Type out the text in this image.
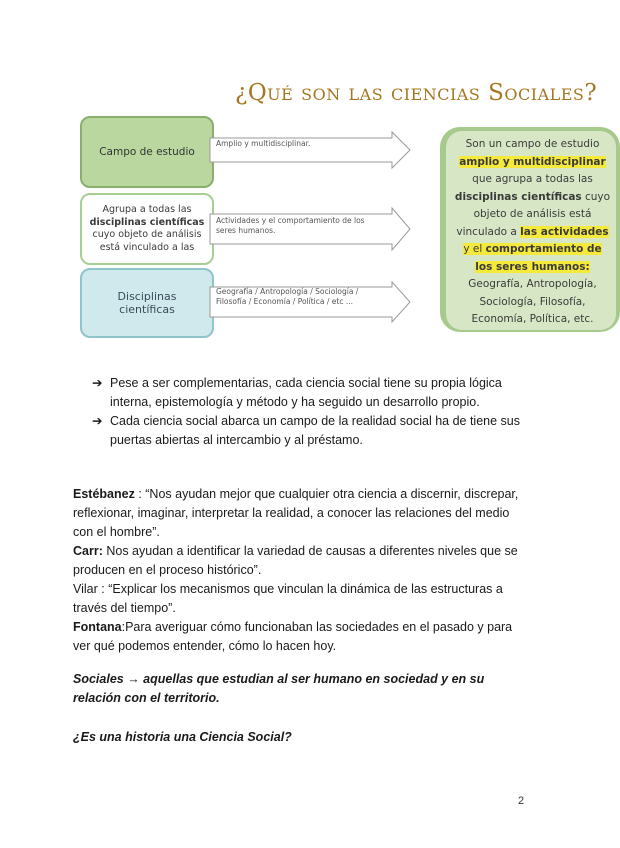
¿Qué son las ciencias Sociales?
Campo de estudio
Amplio y multidisciplinar.
Agrupa a todas las
disciplinas científicas
cuyo objeto de análisis
está vinculado a las
Actividades y el comportamiento de los seres humanos.
Disciplinas
científicas
Geografía / Antropología / Sociología / Filosofía / Economía / Política / etc ...
Son un campo de estudio
amplio y multidisciplinar
que agrupa a todas las
disciplinas científicas cuyo
objeto de análisis está
vinculado a las actividades
y el comportamiento de
los seres humanos:
Geografía, Antropología,
Sociología, Filosofía,
Economía, Política, etc.
➔ Pese a ser complementarias, cada ciencia social tiene su propia lógica interna, epistemología y método y ha seguido un desarrollo propio.
➔ Cada ciencia social abarca un campo de la realidad social ha de tiene sus puertas abiertas al intercambio y al préstamo.

Estébanez : “Nos ayudan mejor que cualquier otra ciencia a discernir, discrepar, reflexionar, imaginar, interpretar la realidad, a conocer las relaciones del medio con el hombre”.

Carr: Nos ayudan a identificar la variedad de causas a diferentes niveles que se producen en el proceso histórico”.

Vilar : “Explicar los mecanismos que vinculan la dinámica de las estructuras a través del tiempo”.

Fontana:Para averiguar cómo funcionaban las sociedades en el pasado y para ver qué podemos entender, cómo lo hacen hoy.

Sociales → aquellas que estudian al ser humano en sociedad y en su relación con el territorio.
¿Es una historia una Ciencia Social?
2
